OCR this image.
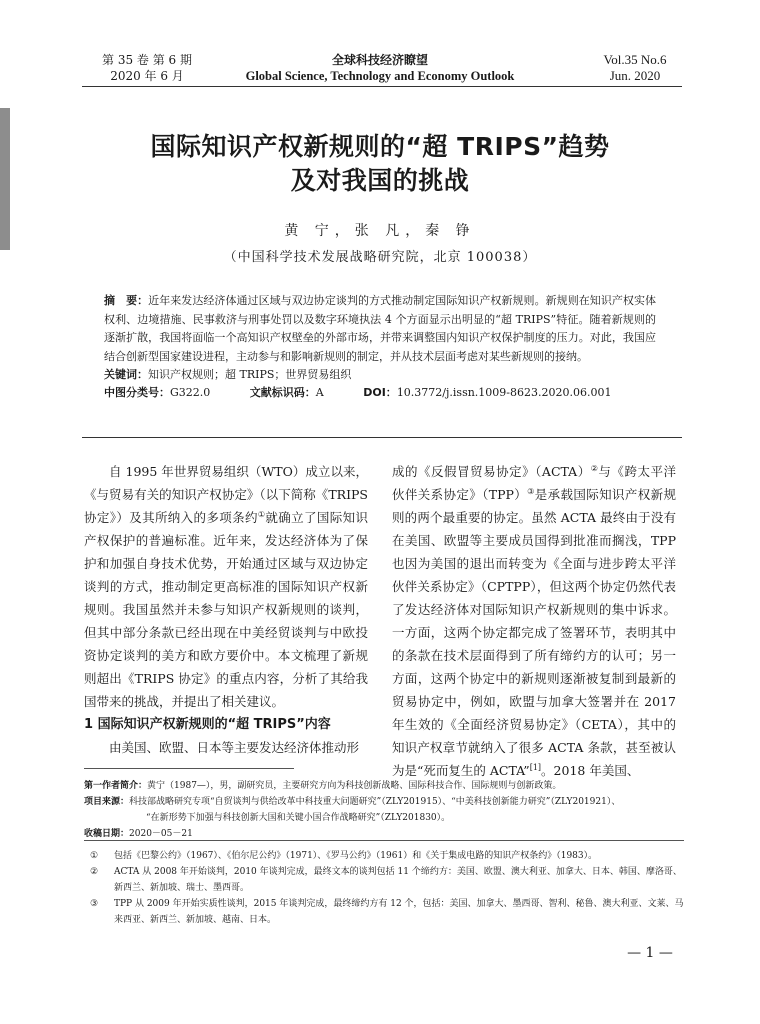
第 35 卷 第 6 期
2020 年 6 月
全球科技经济瞭望
Global Science, Technology and Economy Outlook
Vol.35 No.6
Jun. 2020
国际知识产权新规则的“超 TRIPS”趋势
及对我国的挑战
黄 宁，张 凡，秦 铮
（中国科学技术发展战略研究院，北京 100038）
摘　要：近年来发达经济体通过区域与双边协定谈判的方式推动制定国际知识产权新规则。新规则在知识产权实体权利、边境措施、民事救济与刑事处罚以及数字环境执法 4 个方面显示出明显的“超 TRIPS”特征。随着新规则的逐渐扩散，我国将面临一个高知识产权壁垒的外部市场，并带来调整国内知识产权保护制度的压力。对此，我国应结合创新型国家建设进程，主动参与和影响新规则的制定，并从技术层面考虑对某些新规则的接纳。
关键词：知识产权规则；超 TRIPS；世界贸易组织
中图分类号：G322.0	文献标识码：A	DOI：10.3772/j.issn.1009-8623.2020.06.001

自 1995 年世界贸易组织（WTO）成立以来，《与贸易有关的知识产权协定》（以下简称《TRIPS 协定》）及其所纳入的多项条约①就确立了国际知识产权保护的普遍标准。近年来，发达经济体为了保护和加强自身技术优势，开始通过区域与双边协定谈判的方式，推动制定更高标准的国际知识产权新规则。我国虽然并未参与知识产权新规则的谈判，但其中部分条款已经出现在中美经贸谈判与中欧投资协定谈判的美方和欧方要价中。本文梳理了新规则超出《TRIPS 协定》的重点内容，分析了其给我国带来的挑战，并提出了相关建议。

1 国际知识产权新规则的“超 TRIPS”内容

由美国、欧盟、日本等主要发达经济体推动形

成的《反假冒贸易协定》（ACTA）②与《跨太平洋伙伴关系协定》（TPP）③是承载国际知识产权新规则的两个最重要的协定。虽然 ACTA 最终由于没有在美国、欧盟等主要成员国得到批准而搁浅，TPP 也因为美国的退出而转变为《全面与进步跨太平洋伙伴关系协定》（CPTPP），但这两个协定仍然代表了发达经济体对国际知识产权新规则的集中诉求。一方面，这两个协定都完成了签署环节，表明其中的条款在技术层面得到了所有缔约方的认可；另一方面，这两个协定中的新规则逐渐被复制到最新的贸易协定中，例如，欧盟与加拿大签署并在 2017 年生效的《全面经济贸易协定》（CETA），其中的知识产权章节就纳入了很多 ACTA 条款，甚至被认为是“死而复生的 ACTA”[1]。2018 年美国、

第一作者简介：黄宁（1987—），男，副研究员，主要研究方向为科技创新战略、国际科技合作、国际规则与创新政策。
项目来源：科技部战略研究专项“自贸谈判与供给改革中科技重大问题研究”（ZLY201915）、“中美科技创新能力研究”（ZLY201921）、
“在新形势下加强与科技创新大国和关键小国合作战略研究”（ZLY201830）。
收稿日期：2020－05－21
① 包括《巴黎公约》（1967）、《伯尔尼公约》（1971）、《罗马公约》（1961）和《关于集成电路的知识产权条约》（1983）。
② ACTA 从 2008 年开始谈判，2010 年谈判完成，最终文本的谈判包括 11 个缔约方：美国、欧盟、澳大利亚、加拿大、日本、韩国、摩洛哥、新西兰、新加坡、瑞士、墨西哥。
③ TPP 从 2009 年开始实质性谈判，2015 年谈判完成，最终缔约方有 12 个，包括：美国、加拿大、墨西哥、智利、秘鲁、澳大利亚、文莱、马来西亚、新西兰、新加坡、越南、日本。
— 1 —
